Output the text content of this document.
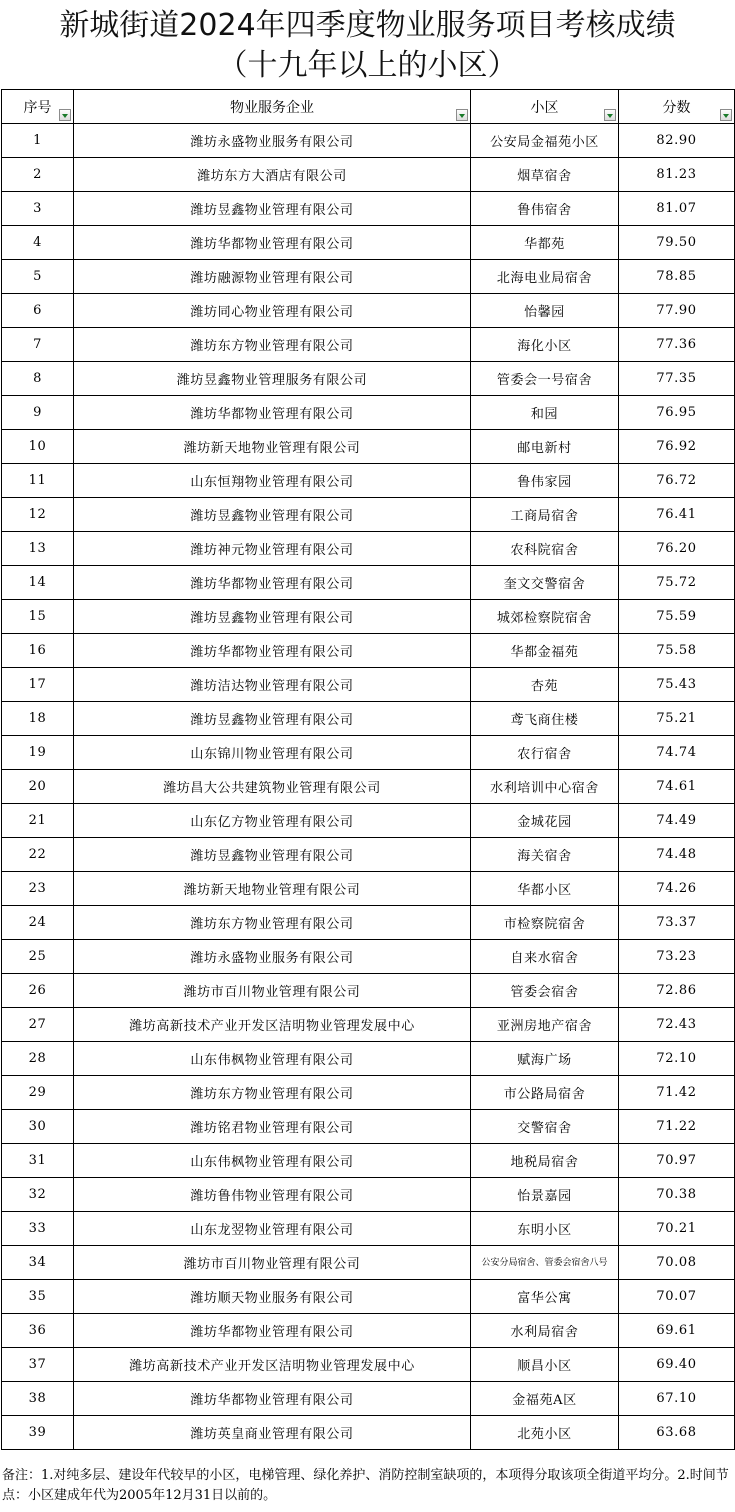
新城街道2024年四季度物业服务项目考核成绩
（十九年以上的小区）
序号	物业服务企业	小区	分数

1	潍坊永盛物业服务有限公司	公安局金福苑小区	82.90
2	潍坊东方大酒店有限公司	烟草宿舍	81.23
3	潍坊昱鑫物业管理有限公司	鲁伟宿舍	81.07
4	潍坊华都物业管理有限公司	华都苑	79.50
5	潍坊融源物业管理有限公司	北海电业局宿舍	78.85
6	潍坊同心物业管理有限公司	怡馨园	77.90
7	潍坊东方物业管理有限公司	海化小区	77.36
8	潍坊昱鑫物业管理服务有限公司	管委会一号宿舍	77.35
9	潍坊华都物业管理有限公司	和园	76.95
10	潍坊新天地物业管理有限公司	邮电新村	76.92
11	山东恒翔物业管理有限公司	鲁伟家园	76.72
12	潍坊昱鑫物业管理有限公司	工商局宿舍	76.41
13	潍坊神元物业管理有限公司	农科院宿舍	76.20
14	潍坊华都物业管理有限公司	奎文交警宿舍	75.72
15	潍坊昱鑫物业管理有限公司	城郊检察院宿舍	75.59
16	潍坊华都物业管理有限公司	华都金福苑	75.58
17	潍坊洁达物业管理有限公司	杏苑	75.43
18	潍坊昱鑫物业管理有限公司	鸢飞商住楼	75.21
19	山东锦川物业管理有限公司	农行宿舍	74.74
20	潍坊昌大公共建筑物业管理有限公司	水利培训中心宿舍	74.61
21	山东亿方物业管理有限公司	金城花园	74.49
22	潍坊昱鑫物业管理有限公司	海关宿舍	74.48
23	潍坊新天地物业管理有限公司	华都小区	74.26
24	潍坊东方物业管理有限公司	市检察院宿舍	73.37
25	潍坊永盛物业服务有限公司	自来水宿舍	73.23
26	潍坊市百川物业管理有限公司	管委会宿舍	72.86
27	潍坊高新技术产业开发区洁明物业管理发展中心	亚洲房地产宿舍	72.43
28	山东伟枫物业管理有限公司	赋海广场	72.10
29	潍坊东方物业管理有限公司	市公路局宿舍	71.42
30	潍坊铭君物业管理有限公司	交警宿舍	71.22
31	山东伟枫物业管理有限公司	地税局宿舍	70.97
32	潍坊鲁伟物业管理有限公司	怡景嘉园	70.38
33	山东龙翌物业管理有限公司	东明小区	70.21
34	潍坊市百川物业管理有限公司	公安分局宿舍、管委会宿舍八号	70.08
35	潍坊顺天物业服务有限公司	富华公寓	70.07
36	潍坊华都物业管理有限公司	水利局宿舍	69.61
37	潍坊高新技术产业开发区洁明物业管理发展中心	顺昌小区	69.40
38	潍坊华都物业管理有限公司	金福苑A区	67.10
39	潍坊英皇商业管理有限公司	北苑小区	63.68
备注：1.对纯多层、建设年代较早的小区，电梯管理、绿化养护、消防控制室缺项的，本项得分取该项全街道平均分。2.时间节点：小区建成年代为2005年12月31日以前的。
